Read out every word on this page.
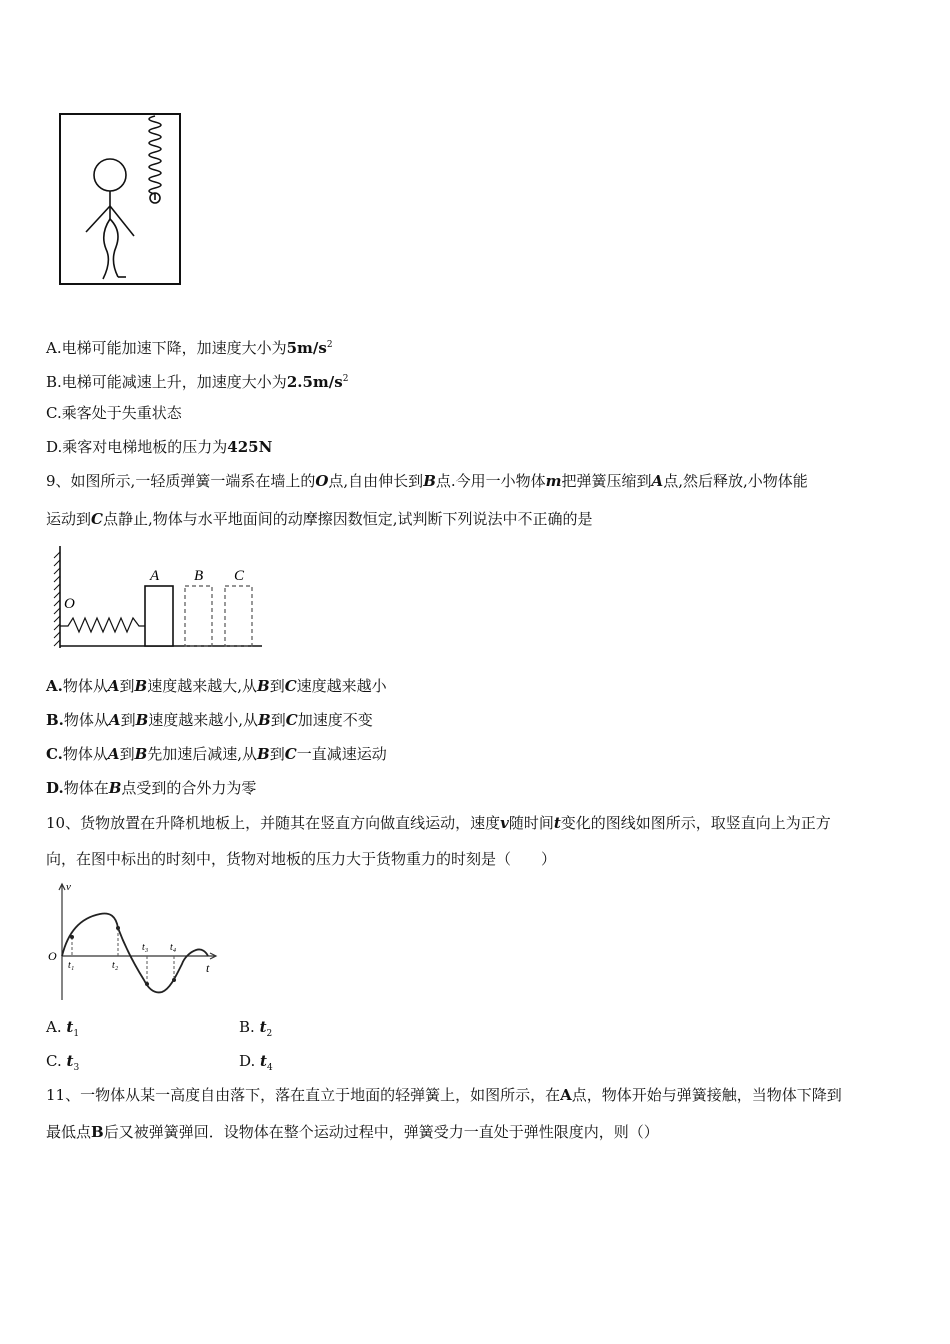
A.电梯可能加速下降，加速度大小为$5m/s^2$
B.电梯可能减速上升，加速度大小为$2.5m/s^2$
C.乘客处于失重状态
D.乘客对电梯地板的压力为425N
9、如图所示,一轻质弹簧一端系在墙上的O点,自由伸长到B点.今用一小物体m把弹簧压缩到A点,然后释放,小物体能
运动到C点静止,物体与水平地面间的动摩擦因数恒定,试判断下列说法中不正确的是
O
A B C
A.物体从A到B速度越来越大,从B到C速度越来越小
B.物体从A到B速度越来越小,从B到C加速度不变
C.物体从A到B先加速后减速,从B到C一直减速运动
D.物体在B点受到的合外力为零
10、货物放置在升降机地板上，并随其在竖直方向做直线运动，速度v随时间t变化的图线如图所示，取竖直向上为正方
向，在图中标出的时刻中，货物对地板的压力大于货物重力的时刻是（　　）
v
O
t
t₁	t₂
t₃ t₄
A. $t_1$	B. $t_2$
C. $t_3$	D. $t_4$
11、一物体从某一高度自由落下，落在直立于地面的轻弹簧上，如图所示，在A点，物体开始与弹簧接触，当物体下降到
最低点B后又被弹簧弹回．设物体在整个运动过程中，弹簧受力一直处于弹性限度内，则（）
